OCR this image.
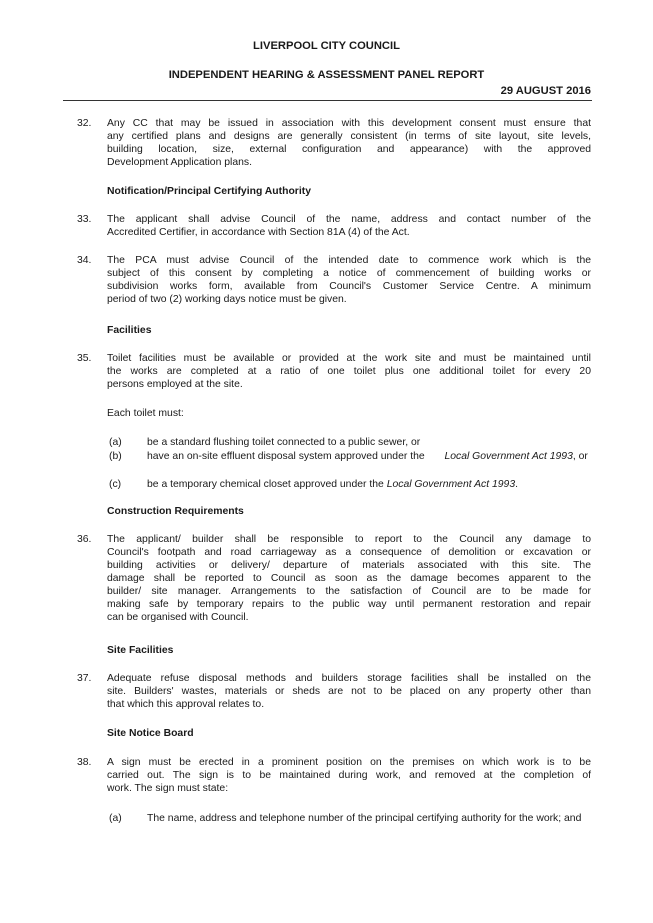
LIVERPOOL CITY COUNCIL
INDEPENDENT HEARING & ASSESSMENT PANEL REPORT
29 AUGUST 2016
32. Any CC that may be issued in association with this development consent must ensure that
any certified plans and designs are generally consistent (in terms of site layout, site levels,
building location, size, external configuration and appearance) with the approved
Development Application plans.
Notification/Principal Certifying Authority
33. The applicant shall advise Council of the name, address and contact number of the
Accredited Certifier, in accordance with Section 81A (4) of the Act.
34. The PCA must advise Council of the intended date to commence work which is the
subject of this consent by completing a notice of commencement of building works or
subdivision works form, available from Council's Customer Service Centre. A minimum
period of two (2) working days notice must be given.
Facilities
35. Toilet facilities must be available or provided at the work site and must be maintained until
the works are completed at a ratio of one toilet plus one additional toilet for every 20
persons employed at the site.
Each toilet must:
(a) be a standard flushing toilet connected to a public sewer, or
(b) have an on-site effluent disposal system approved under the Local Government Act 1993, or
(c) be a temporary chemical closet approved under the Local Government Act 1993.
Construction Requirements
36. The applicant/ builder shall be responsible to report to the Council any damage to
Council's footpath and road carriageway as a consequence of demolition or excavation or
building activities or delivery/ departure of materials associated with this site. The
damage shall be reported to Council as soon as the damage becomes apparent to the
builder/ site manager. Arrangements to the satisfaction of Council are to be made for
making safe by temporary repairs to the public way until permanent restoration and repair
can be organised with Council.
Site Facilities
37. Adequate refuse disposal methods and builders storage facilities shall be installed on the
site. Builders' wastes, materials or sheds are not to be placed on any property other than
that which this approval relates to.
Site Notice Board
38. A sign must be erected in a prominent position on the premises on which work is to be
carried out. The sign is to be maintained during work, and removed at the completion of
work. The sign must state:
(a) The name, address and telephone number of the principal certifying authority for the work; and
